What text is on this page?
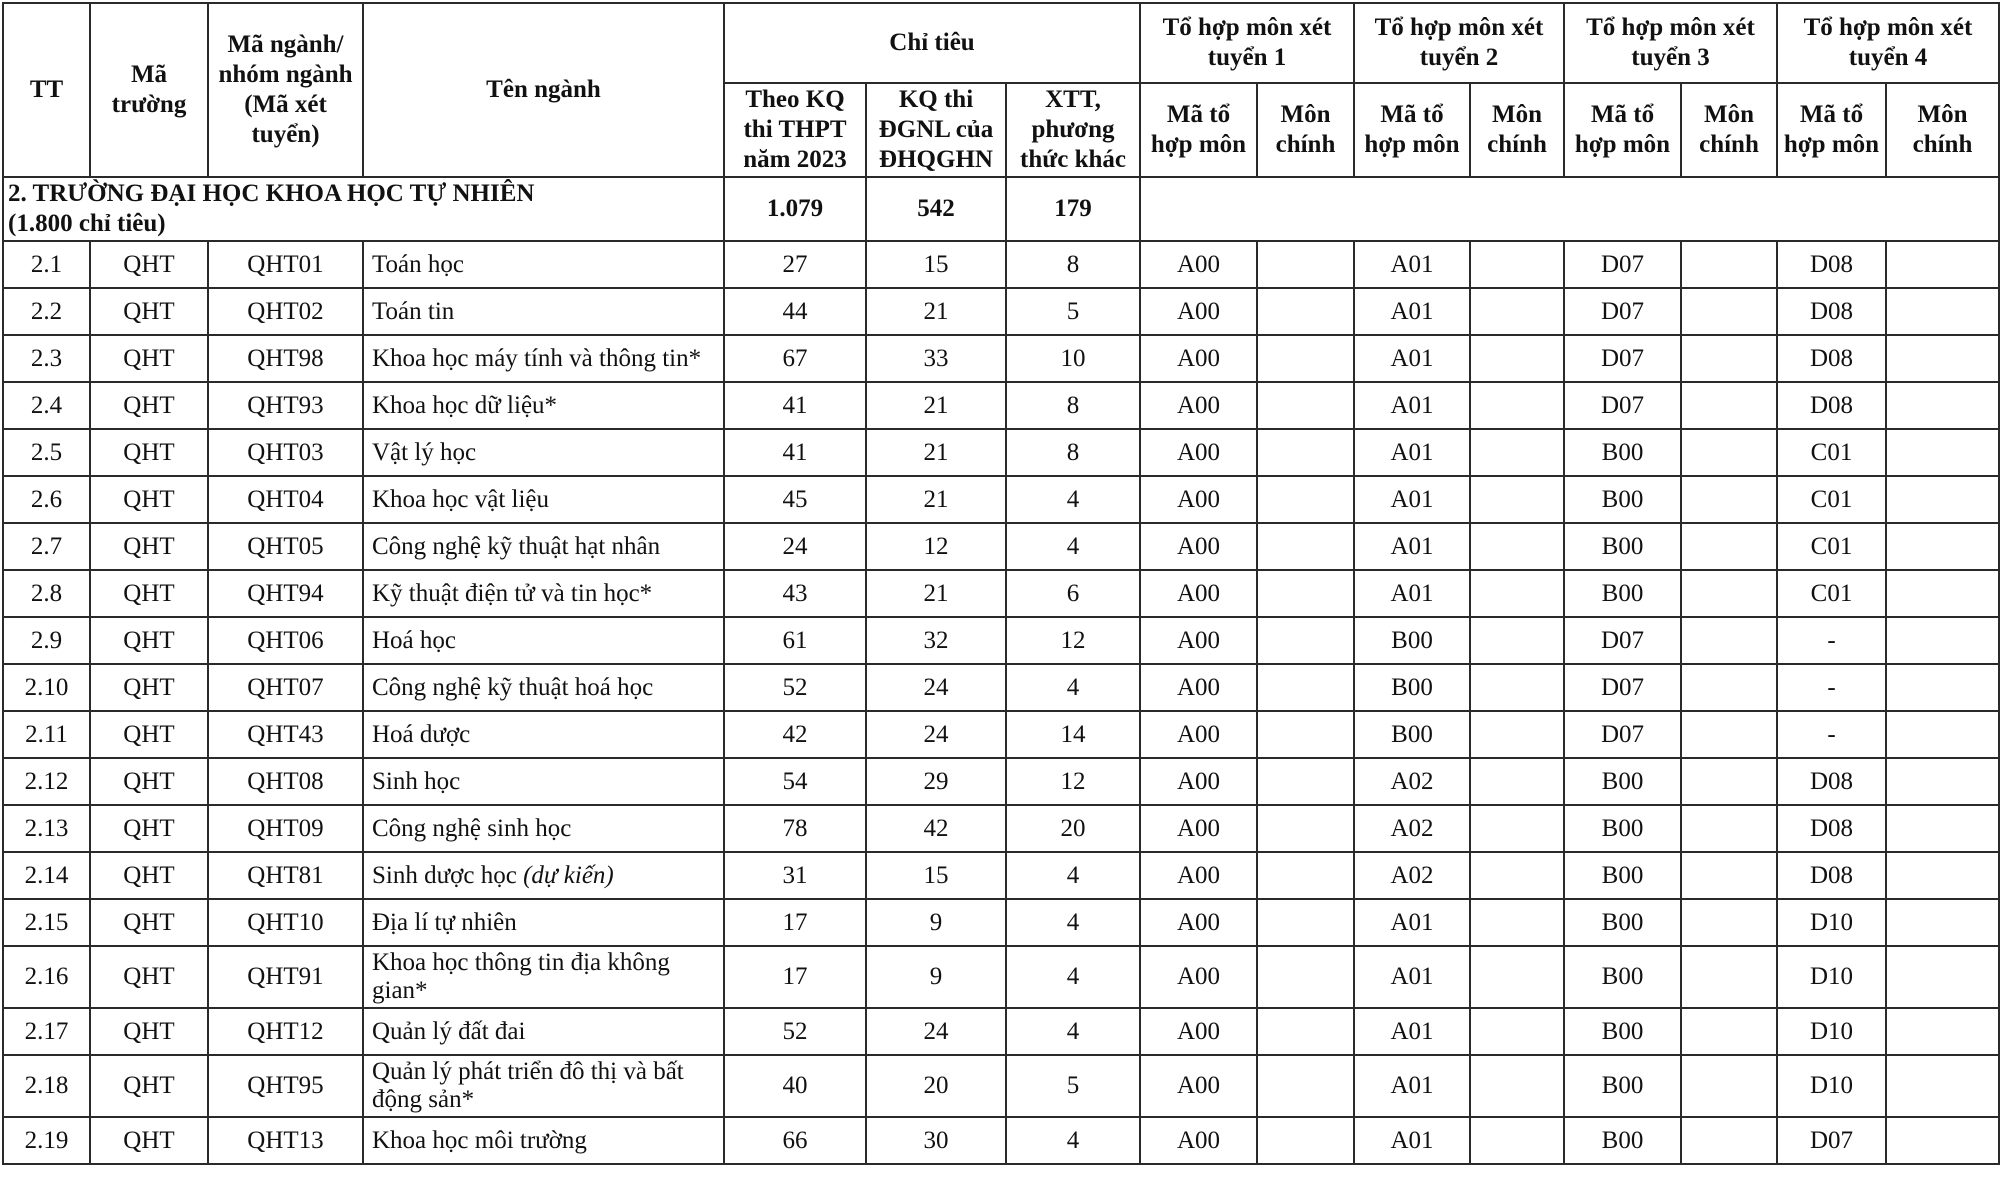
TT	Mã trường	Mã ngành/ nhóm ngành (Mã xét tuyển)	Tên ngành	Chỉ tiêu			Tổ hợp môn xét tuyển 1		Tổ hợp môn xét tuyển 2		Tổ hợp môn xét tuyển 3		Tổ hợp môn xét tuyển 4	
				Theo KQ thi THPT năm 2023	KQ thi ĐGNL của ĐHQGHN	XTT, phương thức khác	Mã tổ hợp môn	Môn chính	Mã tổ hợp môn	Môn chính	Mã tổ hợp môn	Môn chính	Mã tổ hợp môn	Môn chính

2. TRƯỜNG ĐẠI HỌC KHOA HỌC TỰ NHIÊN
(1.800 chỉ tiêu)				1.079	542	179								
2.1	QHT	QHT01	Toán học	27	15	8	A00		A01		D07		D08	
2.2	QHT	QHT02	Toán tin	44	21	5	A00		A01		D07		D08	
2.3	QHT	QHT98	Khoa học máy tính và thông tin*	67	33	10	A00		A01		D07		D08	
2.4	QHT	QHT93	Khoa học dữ liệu*	41	21	8	A00		A01		D07		D08	
2.5	QHT	QHT03	Vật lý học	41	21	8	A00		A01		B00		C01	
2.6	QHT	QHT04	Khoa học vật liệu	45	21	4	A00		A01		B00		C01	
2.7	QHT	QHT05	Công nghệ kỹ thuật hạt nhân	24	12	4	A00		A01		B00		C01	
2.8	QHT	QHT94	Kỹ thuật điện tử và tin học*	43	21	6	A00		A01		B00		C01	
2.9	QHT	QHT06	Hoá học	61	32	12	A00		B00		D07		-	
2.10	QHT	QHT07	Công nghệ kỹ thuật hoá học	52	24	4	A00		B00		D07		-	
2.11	QHT	QHT43	Hoá dược	42	24	14	A00		B00		D07		-	
2.12	QHT	QHT08	Sinh học	54	29	12	A00		A02		B00		D08	
2.13	QHT	QHT09	Công nghệ sinh học	78	42	20	A00		A02		B00		D08	
2.14	QHT	QHT81	Sinh dược học (dự kiến)	31	15	4	A00		A02		B00		D08	
2.15	QHT	QHT10	Địa lí tự nhiên	17	9	4	A00		A01		B00		D10	
2.16	QHT	QHT91	Khoa học thông tin địa không gian*	17	9	4	A00		A01		B00		D10	
2.17	QHT	QHT12	Quản lý đất đai	52	24	4	A00		A01		B00		D10	
2.18	QHT	QHT95	Quản lý phát triển đô thị và bất động sản*	40	20	5	A00		A01		B00		D10	
2.19	QHT	QHT13	Khoa học môi trường	66	30	4	A00		A01		B00		D07	
